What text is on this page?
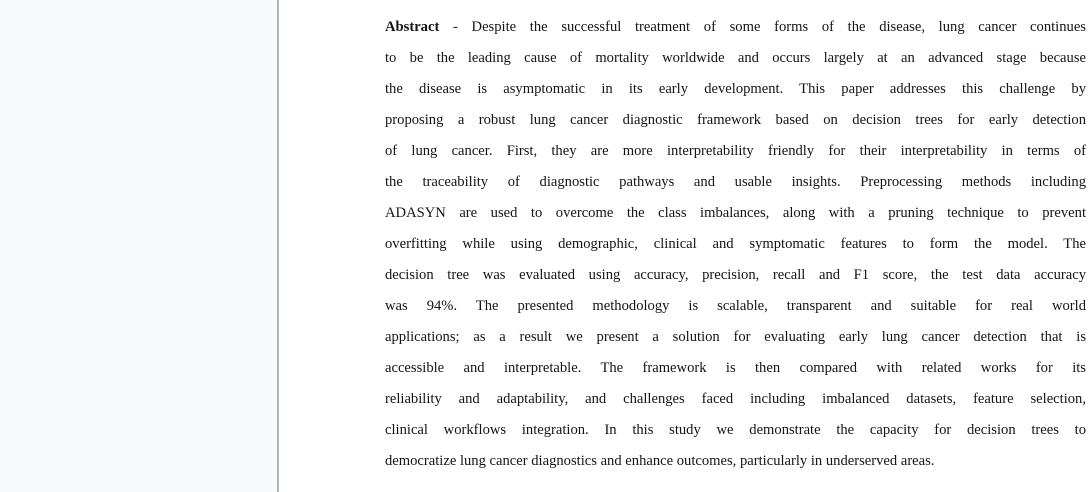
Abstract - Despite the successful treatment of some forms of the disease, lung cancer continues
to be the leading cause of mortality worldwide and occurs largely at an advanced stage because
the disease is asymptomatic in its early development. This paper addresses this challenge by
proposing a robust lung cancer diagnostic framework based on decision trees for early detection
of lung cancer. First, they are more interpretability friendly for their interpretability in terms of
the traceability of diagnostic pathways and usable insights. Preprocessing methods including
ADASYN are used to overcome the class imbalances, along with a pruning technique to prevent
overfitting while using demographic, clinical and symptomatic features to form the model. The
decision tree was evaluated using accuracy, precision, recall and F1 score, the test data accuracy
was 94%. The presented methodology is scalable, transparent and suitable for real world
applications; as a result we present a solution for evaluating early lung cancer detection that is
accessible and interpretable. The framework is then compared with related works for its
reliability and adaptability, and challenges faced including imbalanced datasets, feature selection,
clinical workflows integration. In this study we demonstrate the capacity for decision trees to
democratize lung cancer diagnostics and enhance outcomes, particularly in underserved areas.
